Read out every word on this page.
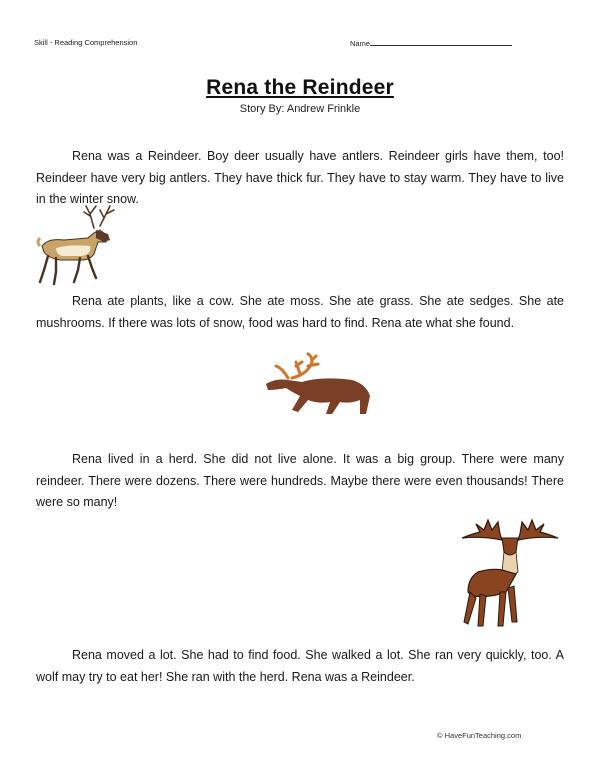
Skill - Reading Comprehension	Name
Rena the Reindeer
Story By: Andrew Frinkle
Rena was a Reindeer. Boy deer usually have antlers. Reindeer girls have them, too! Reindeer have very big antlers. They have thick fur. They have to stay warm. They have to live in the winter snow.
Rena ate plants, like a cow. She ate moss. She ate grass. She ate sedges. She ate mushrooms. If there was lots of snow, food was hard to find. Rena ate what she found.
Rena lived in a herd. She did not live alone. It was a big group. There were many reindeer. There were dozens. There were hundreds. Maybe there were even thousands! There were so many!
Rena moved a lot. She had to find food. She walked a lot. She ran very quickly, too. A wolf may try to eat her! She ran with the herd. Rena was a Reindeer.
© HaveFunTeaching.com
